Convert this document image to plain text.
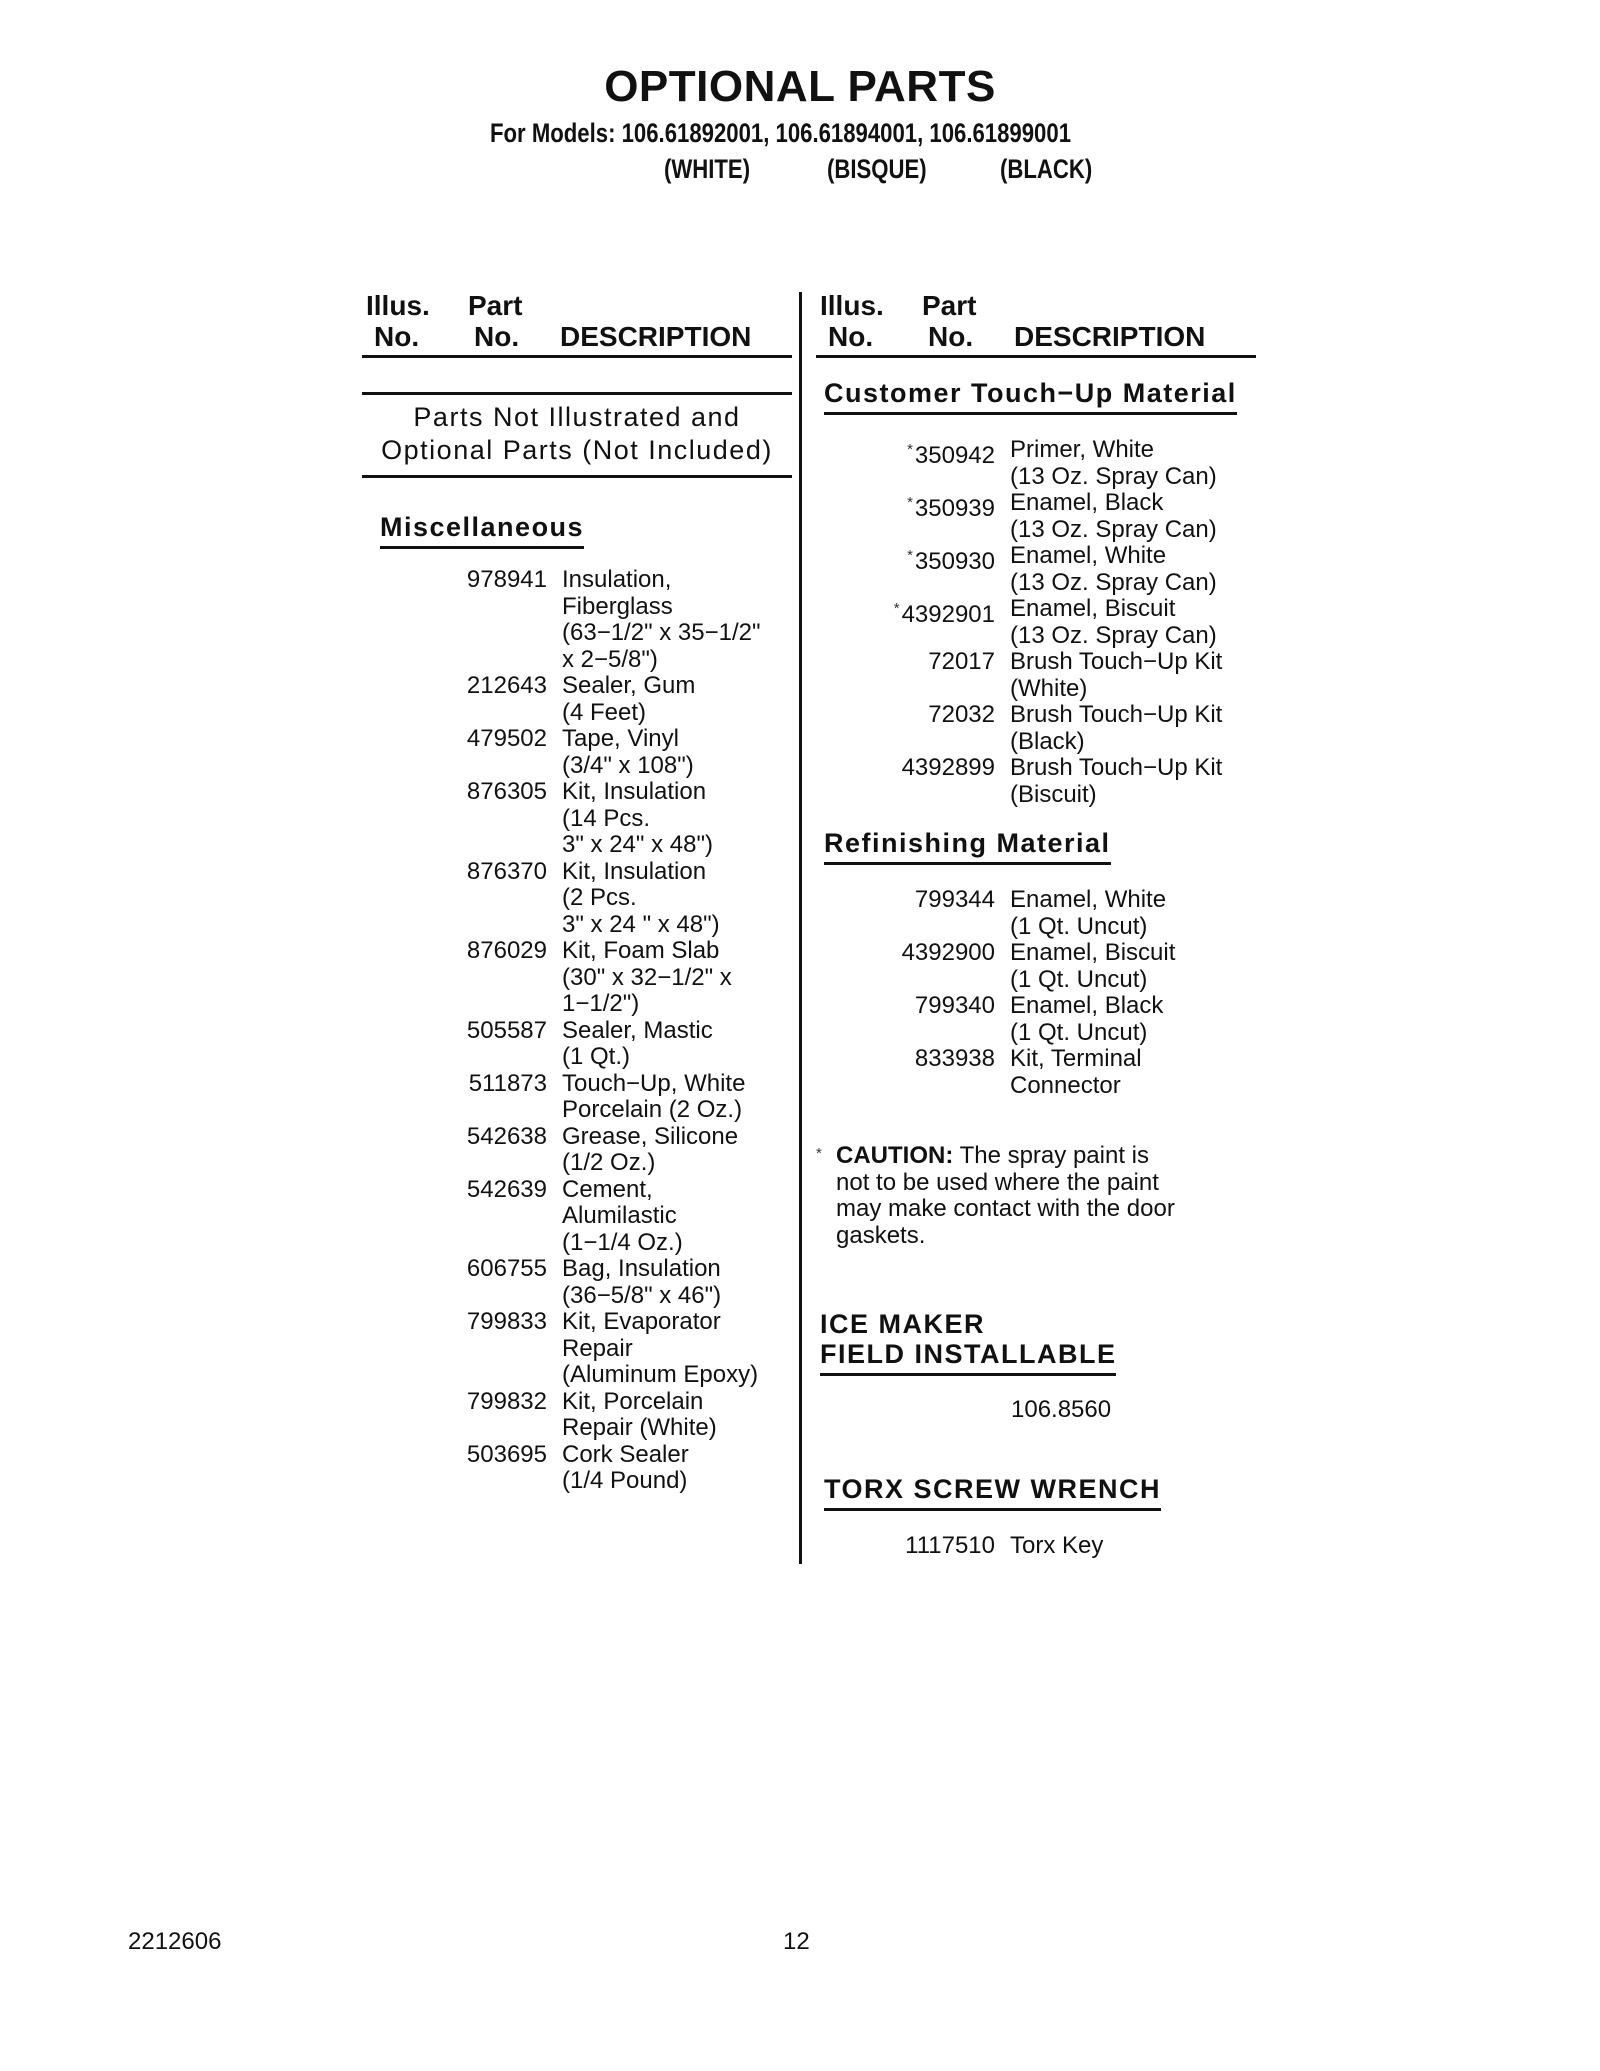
OPTIONAL PARTS
For Models: 106.61892001, 106.61894001, 106.61899001
(WHITE)	(BISQUE)	(BLACK)
Illus.
No.
Part
No. DESCRIPTION
Parts Not Illustrated and
Optional Parts (Not Included)
Miscellaneous
978941 Insulation,
Fiberglass
(63−1/2" x 35−1/2"
x 2−5/8")
212643 Sealer, Gum
(4 Feet)
479502 Tape, Vinyl
(3/4" x 108")
876305 Kit, Insulation
(14 Pcs.
3" x 24" x 48")
876370 Kit, Insulation
(2 Pcs.
3" x 24 " x 48")
876029 Kit, Foam Slab
(30" x 32−1/2" x
1−1/2")
505587 Sealer, Mastic
(1 Qt.)
511873 Touch−Up, White
Porcelain (2 Oz.)
542638 Grease, Silicone
(1/2 Oz.)
542639 Cement,
Alumilastic
(1−1/4 Oz.)
606755 Bag, Insulation
(36−5/8" x 46")
799833 Kit, Evaporator
Repair
(Aluminum Epoxy)
799832 Kit, Porcelain
Repair (White)
503695 Cork Sealer
(1/4 Pound)
Illus.
No.
Part
No. DESCRIPTION
Customer Touch−Up Material
*350942 Primer, White
(13 Oz. Spray Can)
*350939 Enamel, Black
(13 Oz. Spray Can)
*350930 Enamel, White
(13 Oz. Spray Can)
*4392901 Enamel, Biscuit
(13 Oz. Spray Can)
72017 Brush Touch−Up Kit
(White)
72032 Brush Touch−Up Kit
(Black)
4392899 Brush Touch−Up Kit
(Biscuit)
Refinishing Material
799344 Enamel, White
(1 Qt. Uncut)
4392900 Enamel, Biscuit
(1 Qt. Uncut)
799340 Enamel, Black
(1 Qt. Uncut)
833938 Kit, Terminal
Connector
* CAUTION: The spray paint is
not to be used where the paint
may make contact with the door
gaskets.
ICE MAKER
FIELD INSTALLABLE
106.8560
TORX SCREW WRENCH
1117510 Torx Key
2212606	12
